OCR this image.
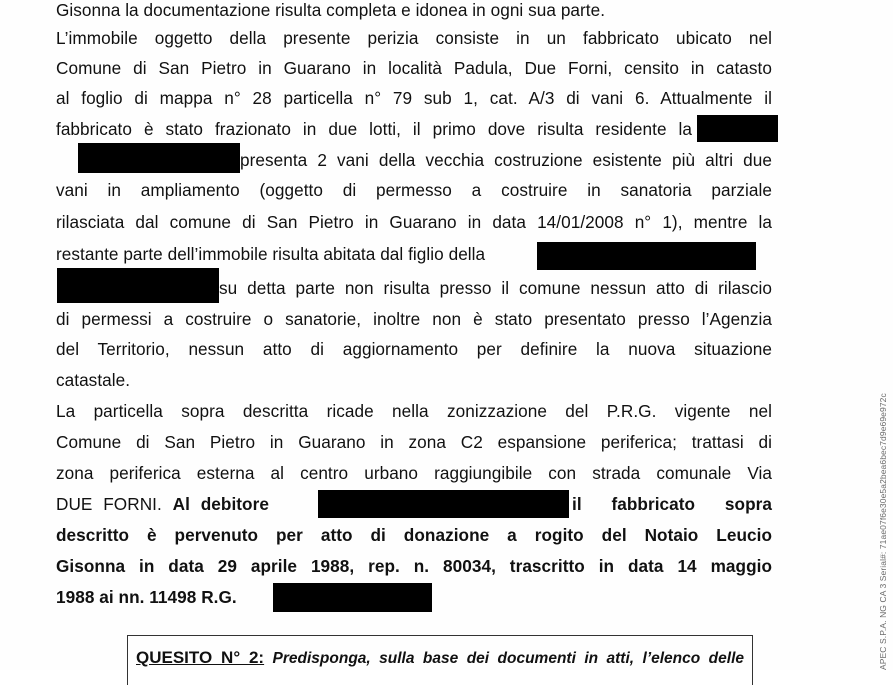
Gisonna la documentazione risulta completa e idonea in ogni sua parte.
L’immobile oggetto della presente perizia consiste in un fabbricato ubicato nel
Comune di San Pietro in Guarano in località Padula, Due Forni, censito in catasto
al foglio di mappa n° 28 particella n° 79 sub 1, cat. A/3 di vani 6. Attualmente il
fabbricato è stato frazionato in due lotti, il primo dove risulta residente la
presenta 2 vani della vecchia costruzione esistente più altri due
vani in ampliamento (oggetto di permesso a costruire in sanatoria parziale
rilasciata dal comune di San Pietro in Guarano in data 14/01/2008 n° 1), mentre la
restante parte dell’immobile risulta abitata dal figlio della
su detta parte non risulta presso il comune nessun atto di rilascio
di permessi a costruire o sanatorie, inoltre non è stato presentato presso l’Agenzia
del Territorio, nessun atto di aggiornamento per definire la nuova situazione
catastale.
La particella sopra descritta ricade nella zonizzazione del P.R.G. vigente nel
Comune di San Pietro in Guarano in zona C2 espansione periferica; trattasi di
zona periferica esterna al centro urbano raggiungibile con strada comunale Via
DUE FORNI. Al debitore	il fabbricato sopra
descritto è pervenuto per atto di donazione a rogito del Notaio Leucio
Gisonna in data 29 aprile 1988, rep. n. 80034, trascritto in data 14 maggio
1988 ai nn. 11498 R.G.
QUESITO N° 2: Predisponga, sulla base dei documenti in atti, l’elenco delle	APEC S.P.A. NG CA 3 Serial#: 71ae07f6e30e5a2bea6bec7d9e69e972c
